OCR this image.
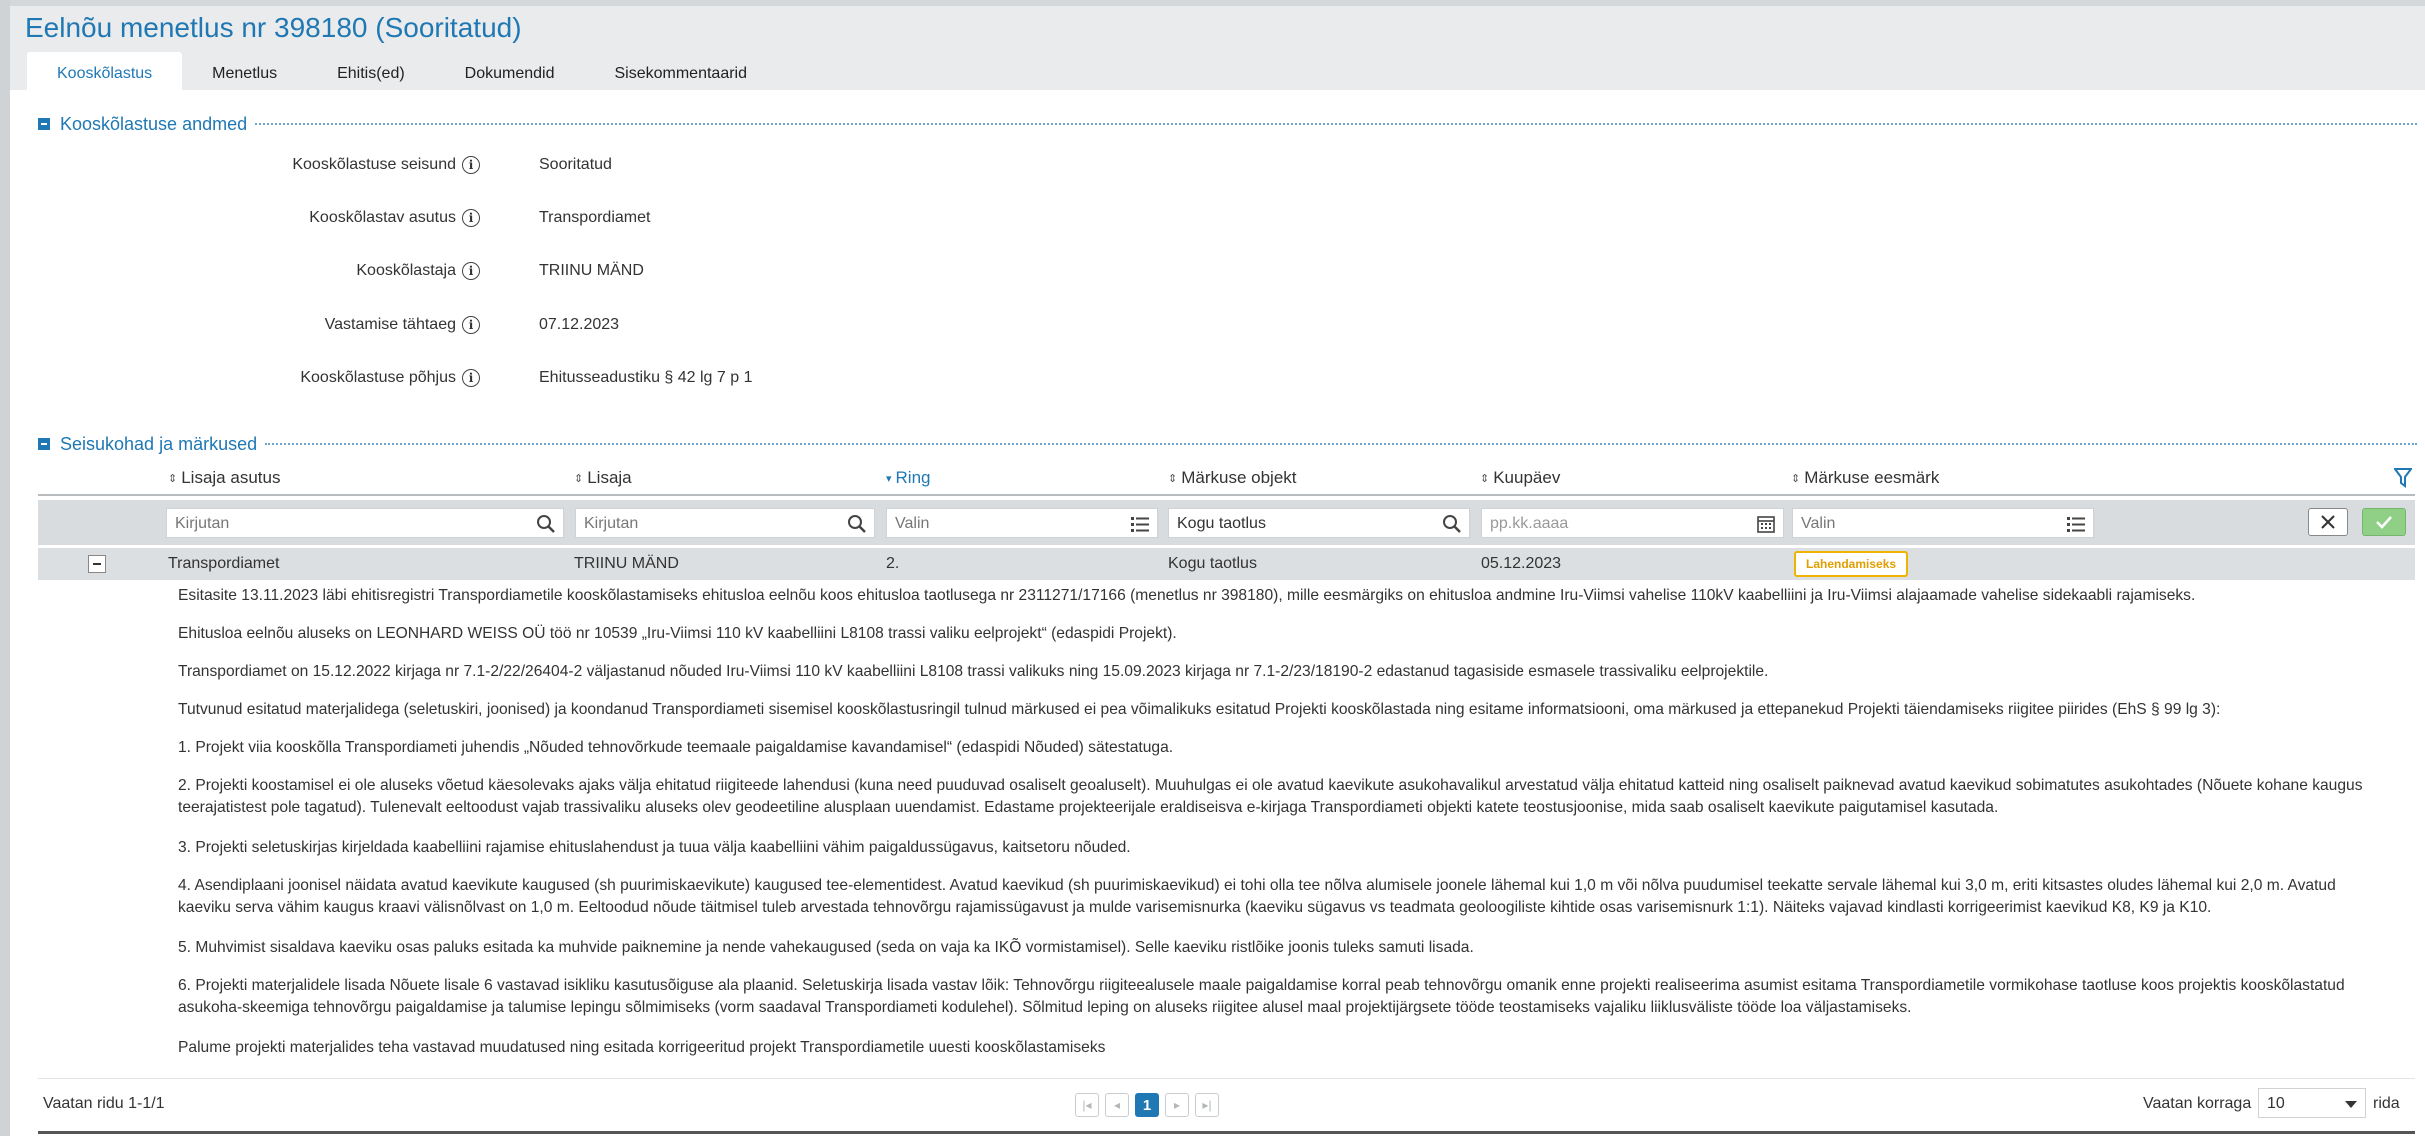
Eelnõu menetlus nr 398180 (Sooritatud)
Kooskõlastus	Menetlus	Ehitis(ed)	Dokumendid	Sisekommentaarid
Kooskõlastuse andmed
Kooskõlastuse seisund i	Sooritatud
Kooskõlastav asutus i	Transpordiamet
Kooskõlastaja i	TRIINU MÄND
Vastamise tähtaeg i	07.12.2023
Kooskõlastuse põhjus i	Ehitusseadustiku § 42 lg 7 p 1
Seisukohad ja märkused
⇕ Lisaja asutus	⇕ Lisaja	▾ Ring	⇕ Märkuse objekt	⇕ Kuupäev	⇕ Märkuse eesmärk
Kirjutan	Kirjutan	Valin	Kogu taotlus	pp.kk.aaaa	Valin
Transpordiamet	TRIINU MÄND	2.	Kogu taotlus	05.12.2023	Lahendamiseks
Esitasite 13.11.2023 läbi ehitisregistri Transpordiametile kooskõlastamiseks ehitusloa eelnõu koos ehitusloa taotlusega nr 2311271/17166 (menetlus nr 398180), mille eesmärgiks on ehitusloa andmine Iru-Viimsi vahelise 110kV kaabelliini ja Iru-Viimsi alajaamade vahelise sidekaabli rajamiseks.
Ehitusloa eelnõu aluseks on LEONHARD WEISS OÜ töö nr 10539 „Iru-Viimsi 110 kV kaabelliini L8108 trassi valiku eelprojekt“ (edaspidi Projekt).
Transpordiamet on 15.12.2022 kirjaga nr 7.1-2/22/26404-2 väljastanud nõuded Iru-Viimsi 110 kV kaabelliini L8108 trassi valikuks ning 15.09.2023 kirjaga nr 7.1-2/23/18190-2 edastanud tagasiside esmasele trassivaliku eelprojektile.
Tutvunud esitatud materjalidega (seletuskiri, joonised) ja koondanud Transpordiameti sisemisel kooskõlastusringil tulnud märkused ei pea võimalikuks esitatud Projekti kooskõlastada ning esitame informatsiooni, oma märkused ja ettepanekud Projekti täiendamiseks riigitee piirides (EhS § 99 lg 3):
1. Projekt viia kooskõlla Transpordiameti juhendis „Nõuded tehnovõrkude teemaale paigaldamise kavandamisel“ (edaspidi Nõuded) sätestatuga.
2. Projekti koostamisel ei ole aluseks võetud käesolevaks ajaks välja ehitatud riigiteede lahendusi (kuna need puuduvad osaliselt geoaluselt). Muuhulgas ei ole avatud kaevikute asukohavalikul arvestatud välja ehitatud katteid ning osaliselt paiknevad avatud kaevikud sobimatutes asukohtades (Nõuete kohane kaugus teerajatistest pole tagatud). Tulenevalt eeltoodust vajab trassivaliku aluseks olev geodeetiline alusplaan uuendamist. Edastame projekteerijale eraldiseisva e-kirjaga Transpordiameti objekti katete teostusjoonise, mida saab osaliselt kaevikute paigutamisel kasutada.
3. Projekti seletuskirjas kirjeldada kaabelliini rajamise ehituslahendust ja tuua välja kaabelliini vähim paigaldussügavus, kaitsetoru nõuded.
4. Asendiplaani joonisel näidata avatud kaevikute kaugused (sh puurimiskaevikute) kaugused tee-elementidest. Avatud kaevikud (sh puurimiskaevikud) ei tohi olla tee nõlva alumisele joonele lähemal kui 1,0 m või nõlva puudumisel teekatte servale lähemal kui 3,0 m, eriti kitsastes oludes lähemal kui 2,0 m. Avatud kaeviku serva vähim kaugus kraavi välisnõlvast on 1,0 m. Eeltoodud nõude täitmisel tuleb arvestada tehnovõrgu rajamissügavust ja mulde varisemisnurka (kaeviku sügavus vs teadmata geoloogiliste kihtide osas varisemisnurk 1:1). Näiteks vajavad kindlasti korrigeerimist kaevikud K8, K9 ja K10.
5. Muhvimist sisaldava kaeviku osas paluks esitada ka muhvide paiknemine ja nende vahekaugused (seda on vaja ka IKÕ vormistamisel). Selle kaeviku ristlõike joonis tuleks samuti lisada.
6. Projekti materjalidele lisada Nõuete lisale 6 vastavad isikliku kasutusõiguse ala plaanid. Seletuskirja lisada vastav lõik: Tehnovõrgu riigiteealusele maale paigaldamise korral peab tehnovõrgu omanik enne projekti realiseerima asumist esitama Transpordiametile vormikohase taotluse koos projektis kooskõlastatud asukoha-skeemiga tehnovõrgu paigaldamise ja talumise lepingu sõlmimiseks (vorm saadaval Transpordiameti kodulehel). Sõlmitud leping on aluseks riigitee alusel maal projektijärgsete tööde teostamiseks vajaliku liiklusväliste tööde loa väljastamiseks.
Palume projekti materjalides teha vastavad muudatused ning esitada korrigeeritud projekt Transpordiametile uuesti kooskõlastamiseks
Vaatan ridu 1-1/1	|◂	◂	1	▸	▸|	Vaatan korraga 10	rida
